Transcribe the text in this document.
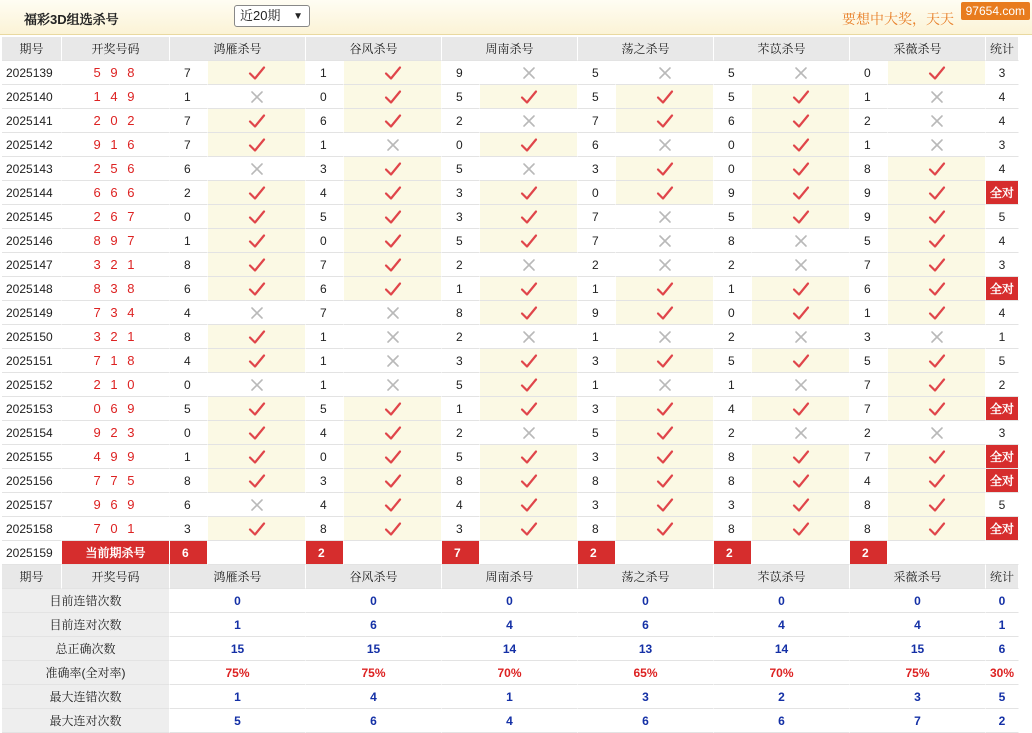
福彩3D组选杀号	近20期 ▼	要想中大奖，天天 97654.com
期号	开奖号码	鸿雁杀号		谷风杀号		周南杀号		荡之杀号		芣苡杀号		采薇杀号		统计
2025139	5 9 8	7		1		9		5		5		0		3
2025140	1 4 9	1		0		5		5		5		1		4
2025141	2 0 2	7		6		2		7		6		2		4
2025142	9 1 6	7		1		0		6		0		1		3
2025143	2 5 6	6		3		5		3		0		8		4
2025144	6 6 6	2		4		3		0		9		9		全对
2025145	2 6 7	0		5		3		7		5		9		5
2025146	8 9 7	1		0		5		7		8		5		4
2025147	3 2 1	8		7		2		2		2		7		3
2025148	8 3 8	6		6		1		1		1		6		全对
2025149	7 3 4	4		7		8		9		0		1		4
2025150	3 2 1	8		1		2		1		2		3		1
2025151	7 1 8	4		1		3		3		5		5		5
2025152	2 1 0	0		1		5		1		1		7		2
2025153	0 6 9	5		5		1		3		4		7		全对
2025154	9 2 3	0		4		2		5		2		2		3
2025155	4 9 9	1		0		5		3		8		7		全对
2025156	7 7 5	8		3		8		8		8		4		全对
2025157	9 6 9	6		4		4		3		3		8		5
2025158	7 0 1	3		8		3		8		8		8		全对
2025159	当前期杀号	6		2		7		2		2		2		
期号	开奖号码	鸿雁杀号		谷风杀号		周南杀号		荡之杀号		芣苡杀号		采薇杀号		统计
目前连错次数		0		0		0		0		0		0		0
目前连对次数		1		6		4		6		4		4		1
总正确次数		15		15		14		13		14		15		6
准确率(全对率)		75%		75%		70%		65%		70%		75%		30%
最大连错次数		1		4		1		3		2		3		5
最大连对次数		5		6		4		6		6		7		2
